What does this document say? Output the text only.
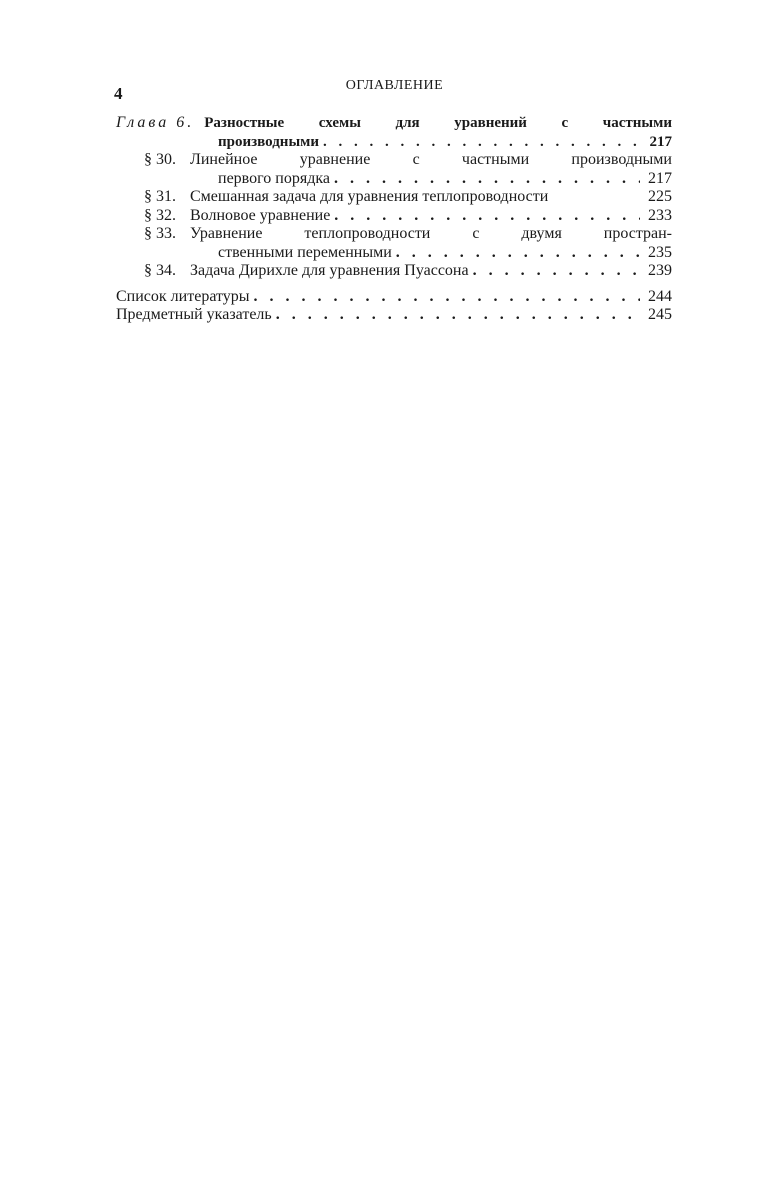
4	ОГЛАВЛЕНИЕ
Глава 6. Разностные схемы для уравнений с частными
производными . . .	217
§ 30. Линейное уравнение с частными производными
первого порядка . . .	217
§ 31. Смешанная задача для уравнения теплопроводности	225
§ 32. Волновое уравнение . . .	233
§ 33. Уравнение теплопроводности с двумя простран-
ственными переменными . . .	235
§ 34. Задача Дирихле для уравнения Пуассона . . .	239
Список литературы . . .	244
Предметный указатель . . .	245
